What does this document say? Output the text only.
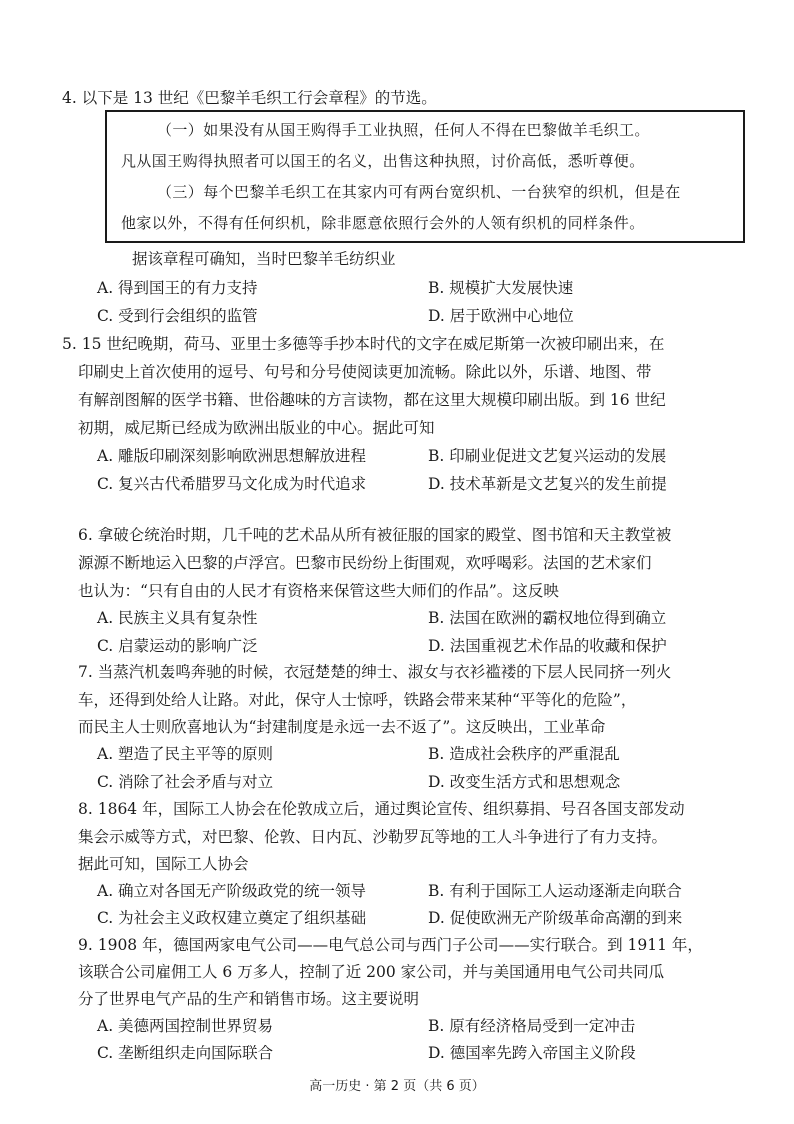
4. 以下是 13 世纪《巴黎羊毛织工行会章程》的节选。
（一）如果没有从国王购得手工业执照，任何人不得在巴黎做羊毛织工。
凡从国王购得执照者可以国王的名义，出售这种执照，讨价高低，悉听尊便。
（三）每个巴黎羊毛织工在其家内可有两台宽织机、一台狭窄的织机，但是在
他家以外，不得有任何织机，除非愿意依照行会外的人领有织机的同样条件。
据该章程可确知，当时巴黎羊毛纺织业
A. 得到国王的有力支持	B. 规模扩大发展快速
C. 受到行会组织的监管	D. 居于欧洲中心地位
5. 15 世纪晚期，荷马、亚里士多德等手抄本时代的文字在威尼斯第一次被印刷出来，在
印刷史上首次使用的逗号、句号和分号使阅读更加流畅。除此以外，乐谱、地图、带
有解剖图解的医学书籍、世俗趣味的方言读物，都在这里大规模印刷出版。到 16 世纪
初期，威尼斯已经成为欧洲出版业的中心。据此可知
A. 雕版印刷深刻影响欧洲思想解放进程	B. 印刷业促进文艺复兴运动的发展
C. 复兴古代希腊罗马文化成为时代追求	D. 技术革新是文艺复兴的发生前提
6. 拿破仑统治时期，几千吨的艺术品从所有被征服的国家的殿堂、图书馆和天主教堂被
源源不断地运入巴黎的卢浮宫。巴黎市民纷纷上街围观，欢呼喝彩。法国的艺术家们
也认为：“只有自由的人民才有资格来保管这些大师们的作品”。这反映
A. 民族主义具有复杂性	B. 法国在欧洲的霸权地位得到确立
C. 启蒙运动的影响广泛	D. 法国重视艺术作品的收藏和保护
7. 当蒸汽机轰鸣奔驰的时候，衣冠楚楚的绅士、淑女与衣衫褴褛的下层人民同挤一列火
车，还得到处给人让路。对此，保守人士惊呼，铁路会带来某种“平等化的危险”，
而民主人士则欣喜地认为“封建制度是永远一去不返了”。这反映出，工业革命
A. 塑造了民主平等的原则	B. 造成社会秩序的严重混乱
C. 消除了社会矛盾与对立	D. 改变生活方式和思想观念
8. 1864 年，国际工人协会在伦敦成立后，通过舆论宣传、组织募捐、号召各国支部发动
集会示威等方式，对巴黎、伦敦、日内瓦、沙勒罗瓦等地的工人斗争进行了有力支持。
据此可知，国际工人协会
A. 确立对各国无产阶级政党的统一领导	B. 有利于国际工人运动逐渐走向联合
C. 为社会主义政权建立奠定了组织基础	D. 促使欧洲无产阶级革命高潮的到来
9. 1908 年，德国两家电气公司——电气总公司与西门子公司——实行联合。到 1911 年，
该联合公司雇佣工人 6 万多人，控制了近 200 家公司，并与美国通用电气公司共同瓜
分了世界电气产品的生产和销售市场。这主要说明
A. 美德两国控制世界贸易	B. 原有经济格局受到一定冲击
C. 垄断组织走向国际联合	D. 德国率先跨入帝国主义阶段
高一历史 · 第 2 页（共 6 页）
